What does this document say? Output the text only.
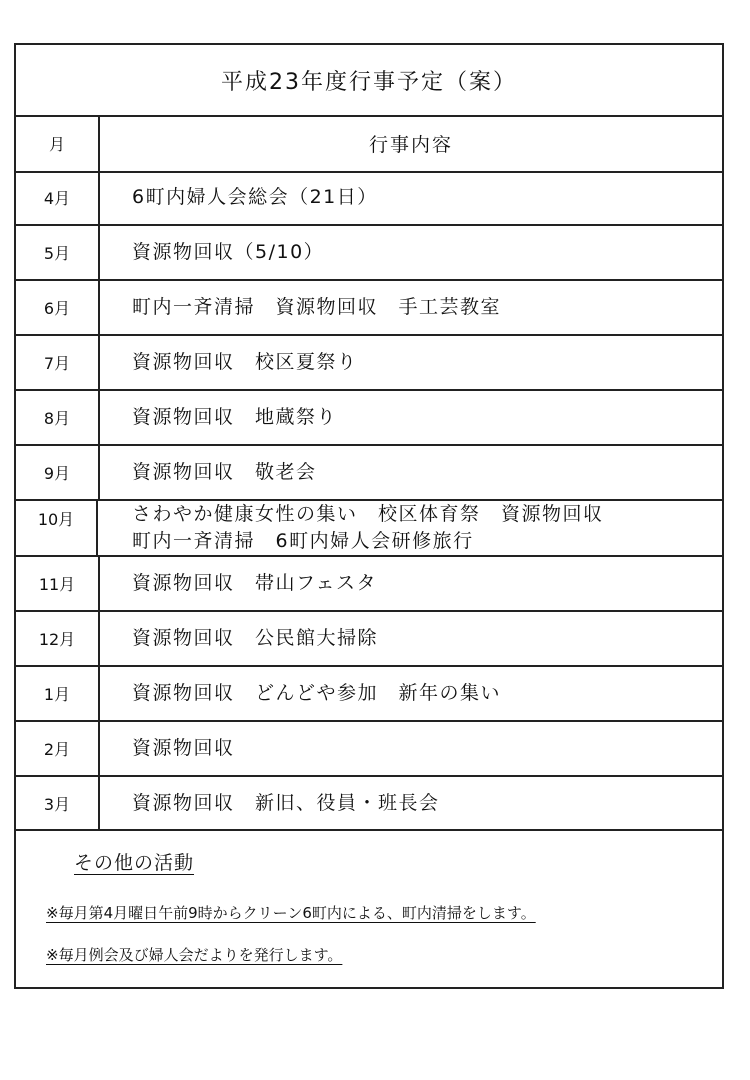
平成23年度行事予定（案）
月	行事内容
4月	6町内婦人会総会（21日）
5月	資源物回収（5/10）
6月	町内一斉清掃　資源物回収　手工芸教室
7月	資源物回収　校区夏祭り
8月	資源物回収　地蔵祭り
9月	資源物回収　敬老会
10月	さわやか健康女性の集い　校区体育祭　資源物回収
町内一斉清掃　6町内婦人会研修旅行
11月	資源物回収　帯山フェスタ
12月	資源物回収　公民館大掃除
1月	資源物回収　どんどや参加　新年の集い
2月	資源物回収
3月	資源物回収　新旧、役員・班長会
その他の活動
※毎月第4月曜日午前9時からクリーン6町内による、町内清掃をします。
※毎月例会及び婦人会だよりを発行します。
